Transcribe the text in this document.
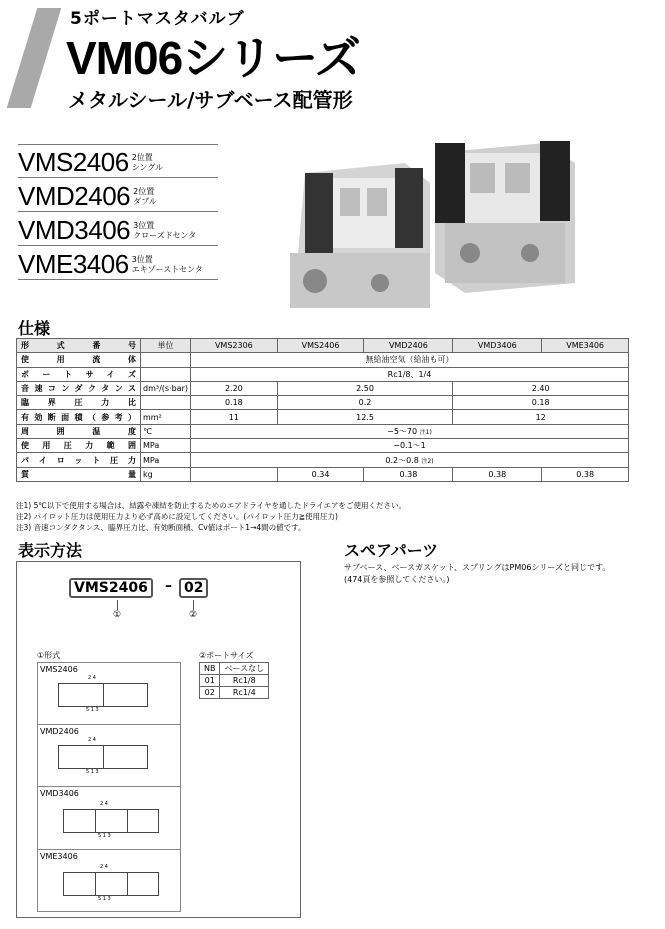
5ポートマスタバルブ
VM06シリーズ
メタルシール/サブベース配管形
VMS2406 2位置
シングル
VMD2406 2位置
ダブル
VMD3406 3位置
クローズドセンタ
VME3406 3位置
エキゾーストセンタ
仕様
形式番号	単位	VMS2306	VMS2406	VMD2406	VMD3406	VME3406
使用流体		無給油空気（給油も可）				
ポートサイズ		Rc1/8、1/4				
音速コンダクタンス	dm³/(s·bar)	2.20	2.50		2.40	
臨界圧力比		0.18	0.2		0.18	
有効断面積（参考）	mm²	11	12.5		12	
周囲温度	℃	−5〜70 注1)				
使用圧力範囲	MPa	−0.1〜1				
パイロット圧力	MPa	0.2〜0.8 注2)				
質量	kg		0.34	0.38	0.38	0.38
注1) 5℃以下で使用する場合は、結露や凍結を防止するためのエアドライヤを通したドライエアをご使用ください。
注2) パイロット圧力は使用圧力より必ず高めに設定してください。(パイロット圧力≧使用圧力)
注3) 音速コンダクタンス、臨界圧力比、有効断面積、Cv値はポート1→4間の値です。
表示方法
VMS2406	– 02
①	②
①形式	②ポートサイズ
NB	ベースなし
01	Rc1/8
02	Rc1/4
VMS2406
2 4
5 1 3
VMD2406
2 4
5 1 3
VMD3406
2 4
5 1 3
VME3406
2 4
5 1 3
スペアパーツ
サブベース、ベースガスケット、スプリングはPM06シリーズと同じです。
(474頁を参照してください。)
